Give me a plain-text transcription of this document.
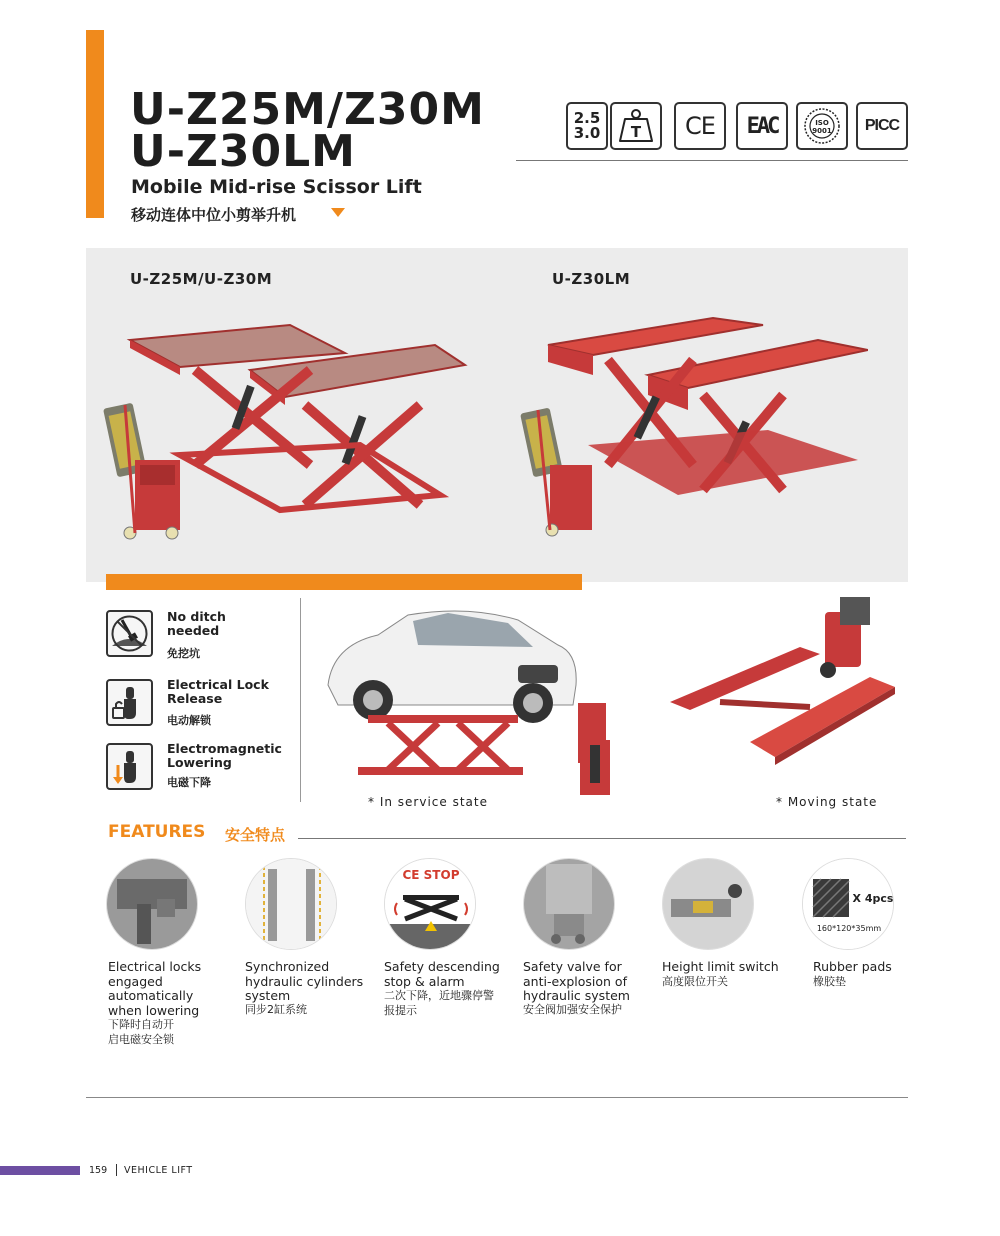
U-Z25M/Z30M
U-Z30LM
Mobile Mid-rise Scissor Lift
移动连体中位小剪举升机
2.5
3.0 T CE EAC	ISO
9001 PICC
U-Z25M/U-Z30M	U-Z30LM
No ditch
needed
免挖坑
Electrical Lock
Release
电动解锁
Electromagnetic
Lowering
电磁下降
* In service state	* Moving state
FEATURES 安全特点
CE STOP
X 4pcs
160*120*35mm
Electrical locks engaged automatically when lowering
下降时自动开启电磁安全锁
Synchronized hydraulic cylinders system
同步2缸系统
Safety descending stop & alarm
二次下降，近地骤停警报提示
Safety valve for anti-explosion of hydraulic system
安全阀加强安全保护
Height limit switch
高度限位开关
Rubber pads
橡胶垫
159 VEHICLE LIFT
